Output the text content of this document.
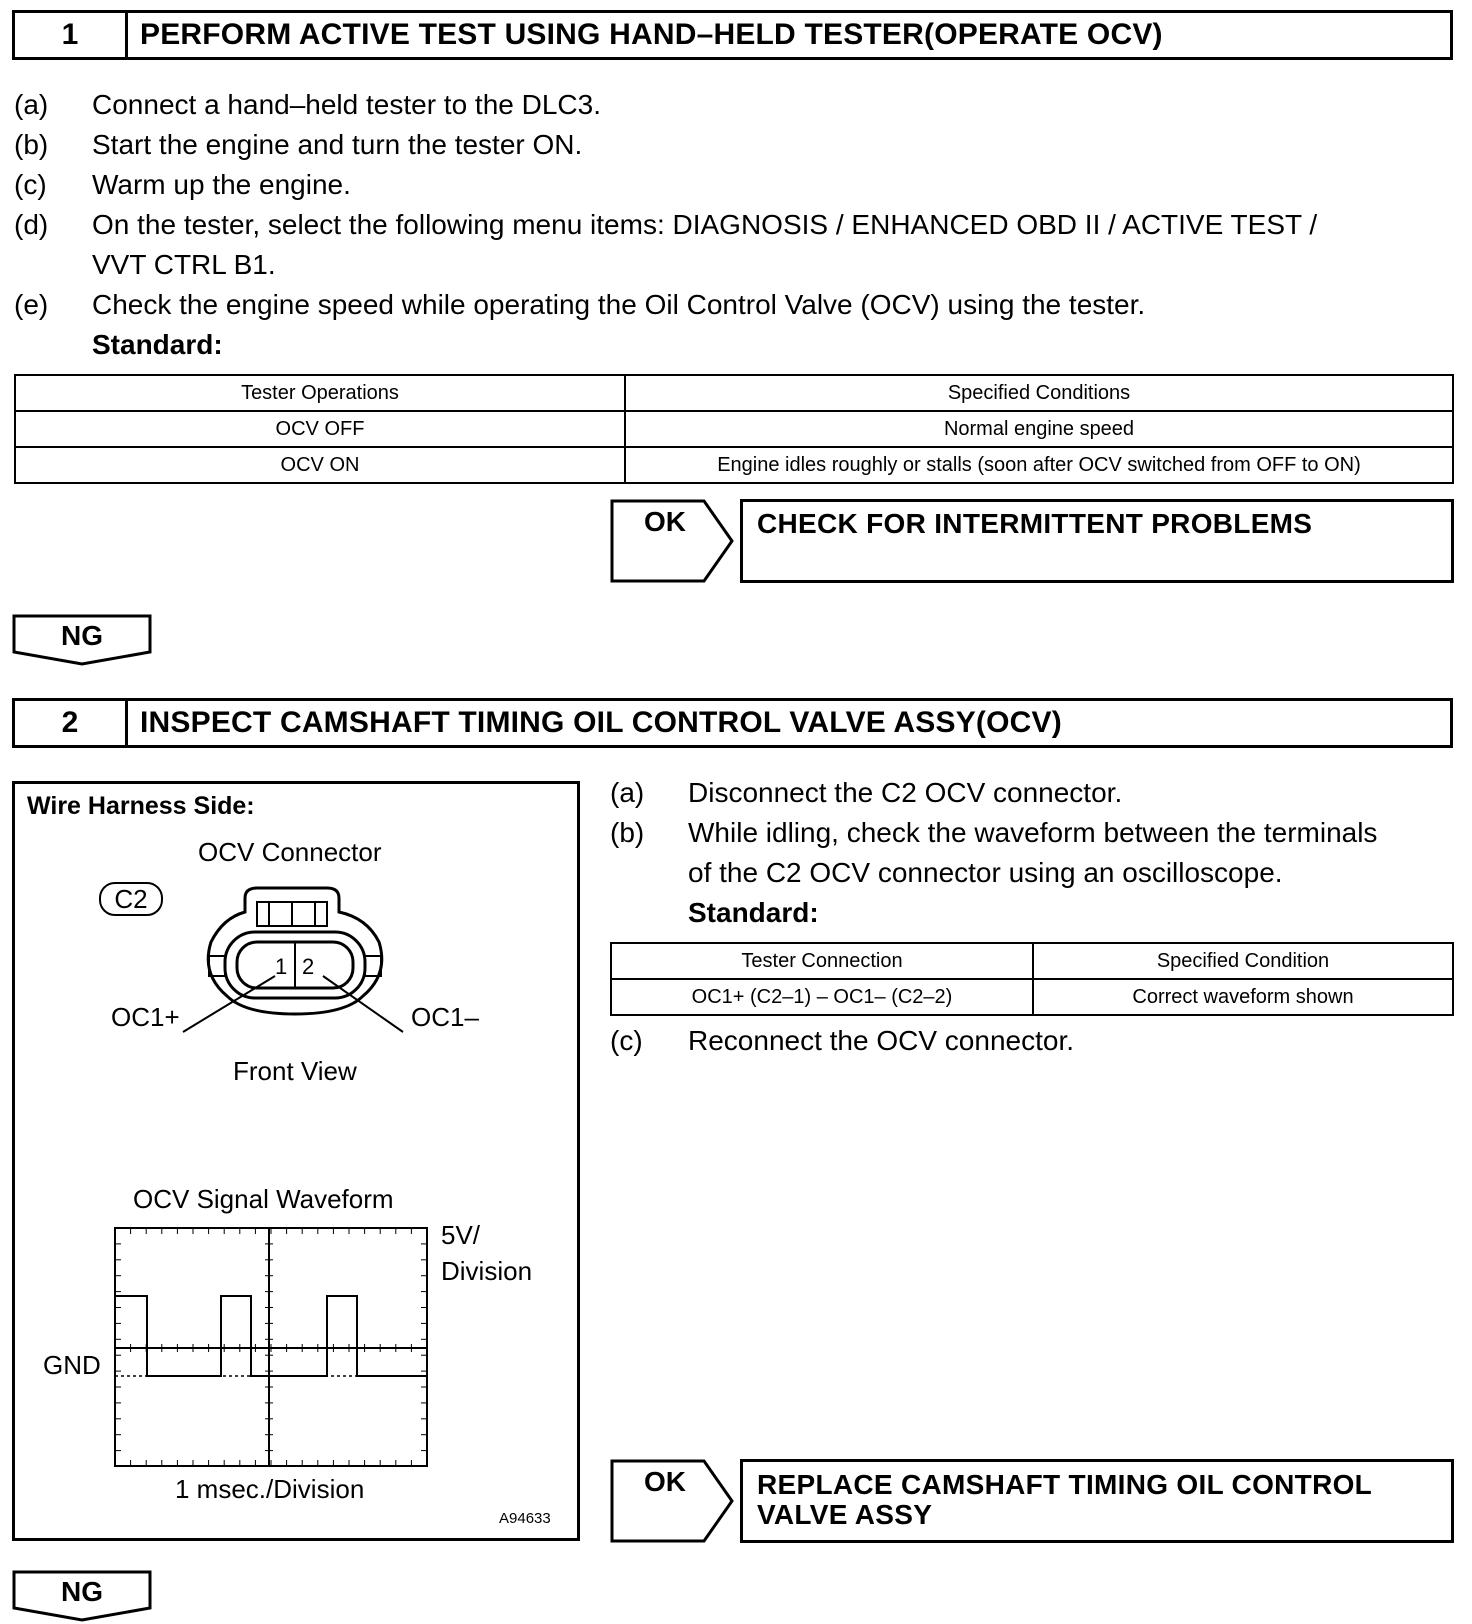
1	PERFORM ACTIVE TEST USING HAND–HELD TESTER(OPERATE OCV)
(a) Connect a hand–held tester to the DLC3.
(b) Start the engine and turn the tester ON.
(c) Warm up the engine.
(d) On the tester, select the following menu items: DIAGNOSIS / ENHANCED OBD II / ACTIVE TEST /
VVT CTRL B1.
(e) Check the engine speed while operating the Oil Control Valve (OCV) using the tester.
Standard:
Tester Operations	Specified Conditions
OCV OFF	Normal engine speed
OCV ON	Engine idles roughly or stalls (soon after OCV switched from OFF to ON)
OK	CHECK FOR INTERMITTENT PROBLEMS
NG
2	INSPECT CAMSHAFT TIMING OIL CONTROL VALVE ASSY(OCV)
Wire Harness Side:
OCV Connector
C2
1 2
OC1+	OC1–
Front View
OCV Signal Waveform
5V/
Division
GND
1 msec./Division
A94633
(a) Disconnect the C2 OCV connector.
(b) While idling, check the waveform between the terminals
of the C2 OCV connector using an oscilloscope.
Standard:
Tester Connection	Specified Condition
OC1+ (C2–1) – OC1– (C2–2)	Correct waveform shown
(c) Reconnect the OCV connector.
OK	REPLACE CAMSHAFT TIMING OIL CONTROL
VALVE ASSY
NG
